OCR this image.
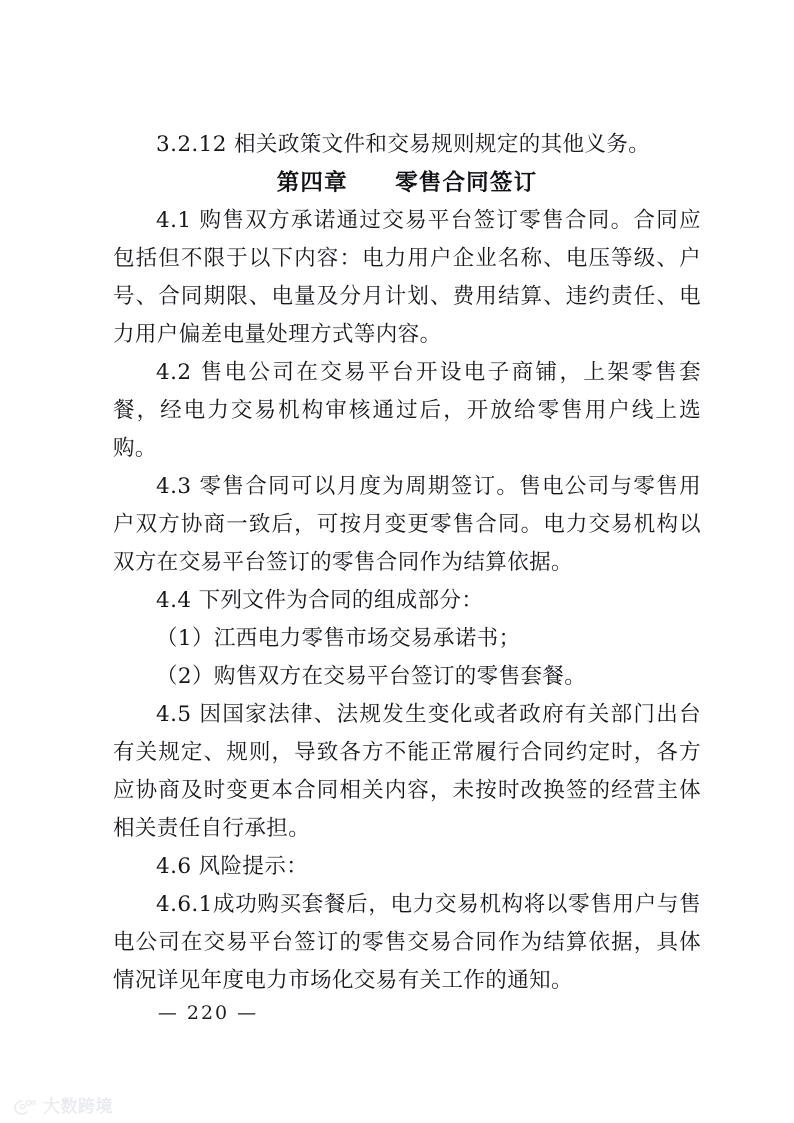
3.2.12 相关政策文件和交易规则规定的其他义务。

第四章 零售合同签订

4.1 购售双方承诺通过交易平台签订零售合同。合同应包括但不限于以下内容：电力用户企业名称、电压等级、户号、合同期限、电量及分月计划、费用结算、违约责任、电力用户偏差电量处理方式等内容。

4.2 售电公司在交易平台开设电子商铺，上架零售套餐，经电力交易机构审核通过后，开放给零售用户线上选购。

4.3 零售合同可以月度为周期签订。售电公司与零售用户双方协商一致后，可按月变更零售合同。电力交易机构以双方在交易平台签订的零售合同作为结算依据。

4.4 下列文件为合同的组成部分：

（1）江西电力零售市场交易承诺书；

（2）购售双方在交易平台签订的零售套餐。

4.5 因国家法律、法规发生变化或者政府有关部门出台有关规定、规则，导致各方不能正常履行合同约定时，各方应协商及时变更本合同相关内容，未按时改换签的经营主体相关责任自行承担。

4.6 风险提示：

4.6.1成功购买套餐后，电力交易机构将以零售用户与售电公司在交易平台签订的零售交易合同作为结算依据，具体情况详见年度电力市场化交易有关工作的通知。

— 220 —
大数跨境
